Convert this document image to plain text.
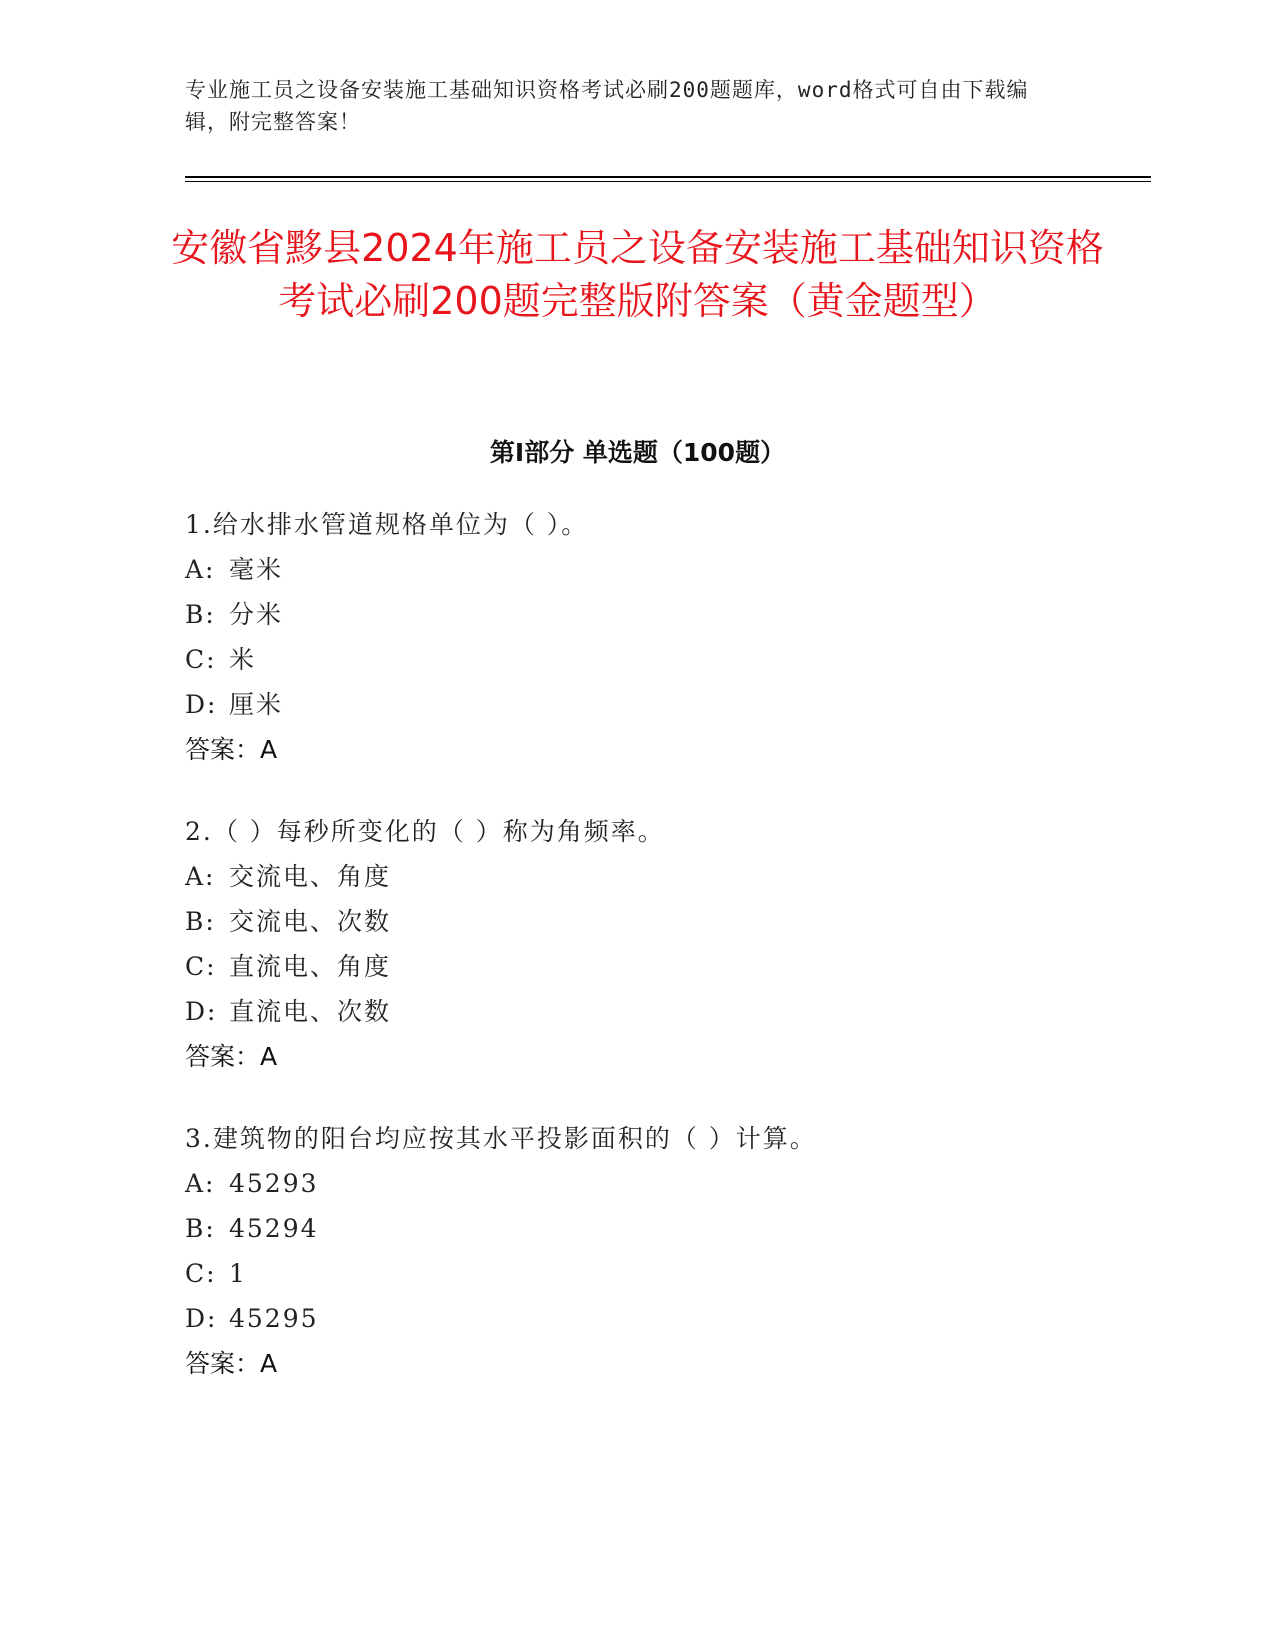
专业施工员之设备安装施工基础知识资格考试必刷200题题库，word格式可自由下载编辑，附完整答案！
安徽省黟县2024年施工员之设备安装施工基础知识资格考试必刷200题完整版附答案（黄金题型）
第I部分 单选题（100题）
1.给水排水管道规格单位为（ ）。
A: 毫米
B: 分米
C: 米
D: 厘米
答案：A
2.（ ）每秒所变化的（ ）称为角频率。
A: 交流电、角度
B: 交流电、次数
C: 直流电、角度
D: 直流电、次数
答案：A
3.建筑物的阳台均应按其水平投影面积的（ ）计算。
A: 45293
B: 45294
C: 1
D: 45295
答案：A
